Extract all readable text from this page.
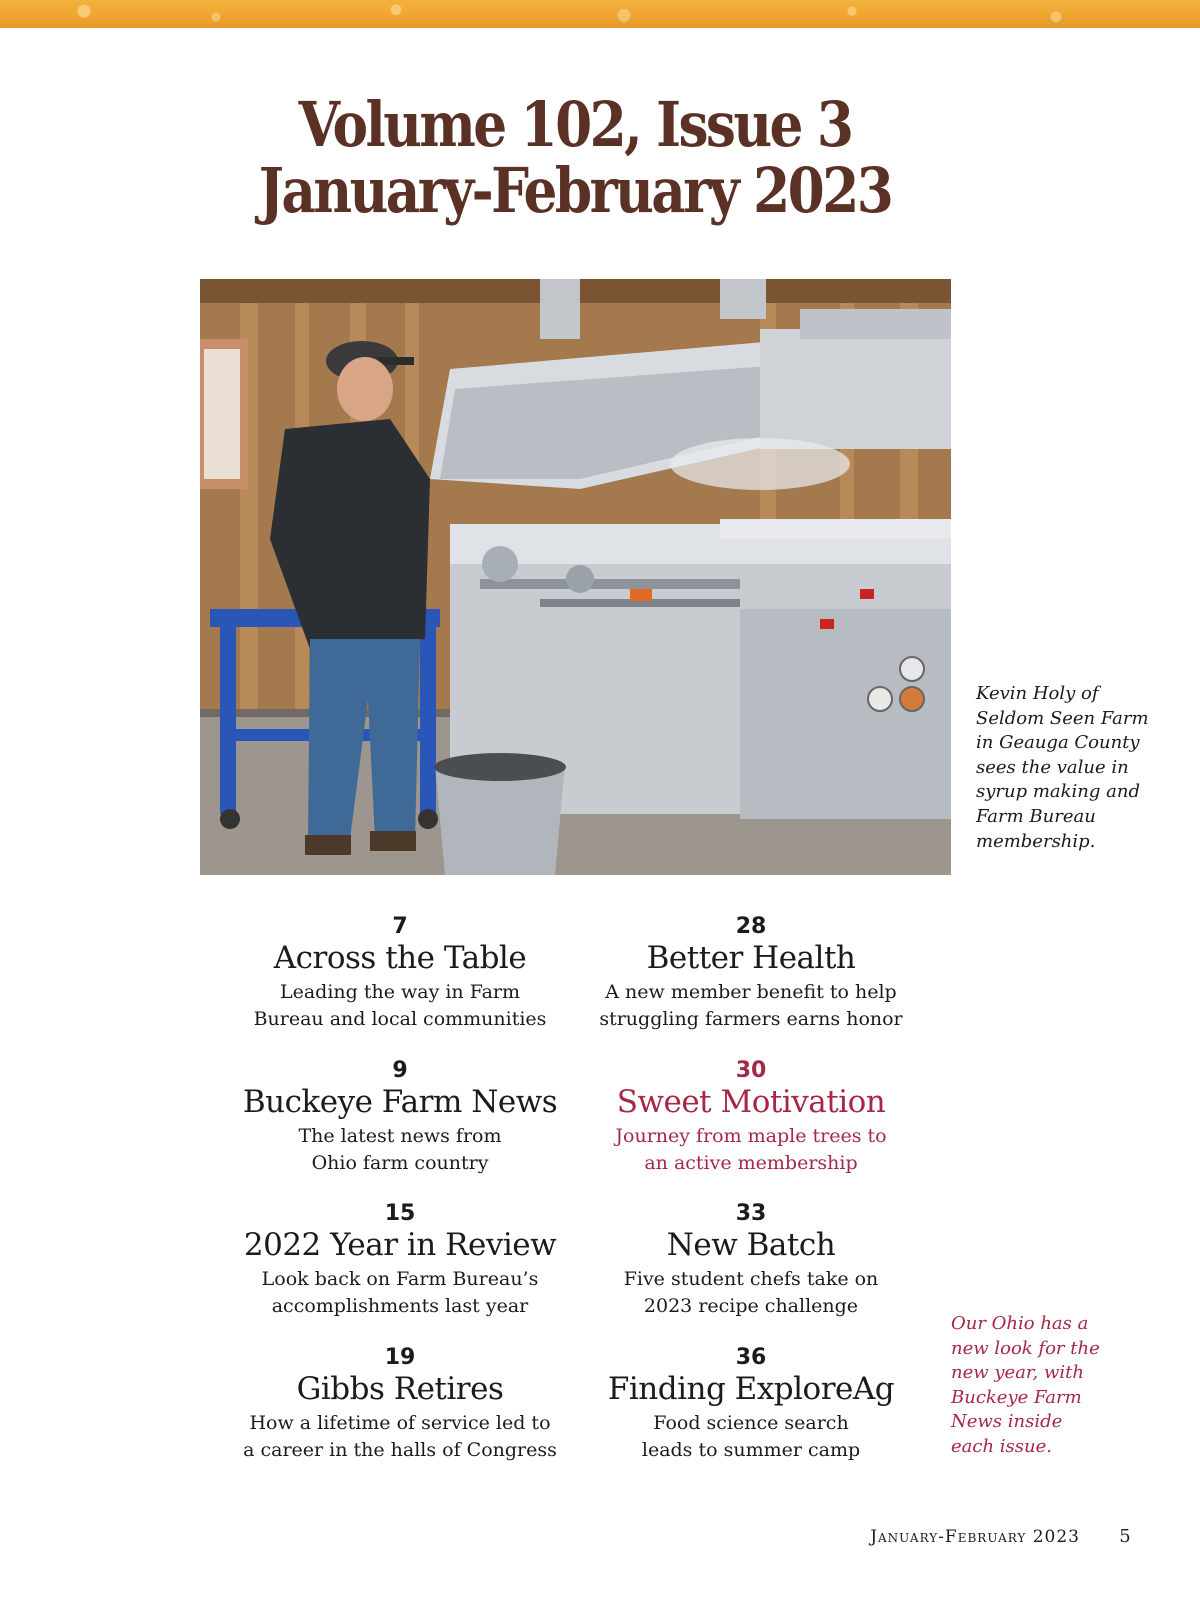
Volume 102, Issue 3
January-February 2023
Kevin Holy of Seldom Seen Farm in Geauga County sees the value in syrup making and Farm Bureau membership.
7
Across the Table
Leading the way in Farm
Bureau and local communities
9
Buckeye Farm News
The latest news from
Ohio farm country
15
2022 Year in Review
Look back on Farm Bureau’s
accomplishments last year
19
Gibbs Retires
How a lifetime of service led to
a career in the halls of Congress
28
Better Health
A new member benefit to help
struggling farmers earns honor
30
Sweet Motivation
Journey from maple trees to
an active membership
33
New Batch
Five student chefs take on
2023 recipe challenge
36
Finding ExploreAg
Food science search
leads to summer camp
Our Ohio has a new look for the new year, with Buckeye Farm News inside each issue.
January-February 2023	5
